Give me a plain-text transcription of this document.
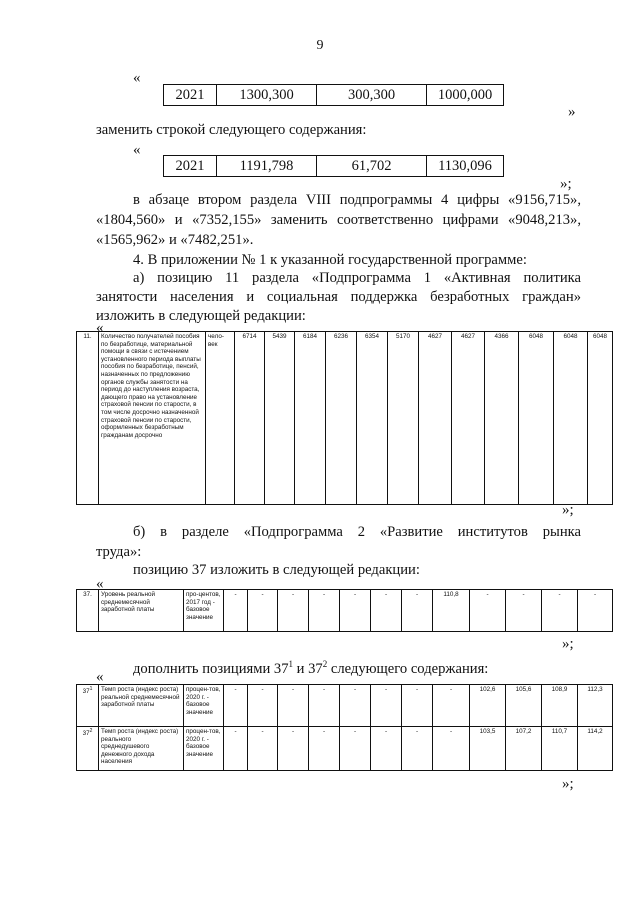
9
«
2021	1300,300	300,300	1000,000
»
заменить строкой следующего содержания:
«
2021	1191,798	61,702	1130,096
»;
в абзаце втором раздела VIII подпрограммы 4 цифры «9156,715»,
«1804,560» и «7352,155» заменить соответственно цифрами «9048,213»,
«1565,962» и «7482,251».
4. В приложении № 1 к указанной государственной программе:
а) позицию 11 раздела «Подпрограмма 1 «Активная политика
занятости населения и социальная поддержка безработных граждан»
изложить в следующей редакции:
«
11.	Количество получателей пособия по безработице, материальной помощи в связи с истечением установленного периода выплаты пособия по безработице, пенсий, назначенных по предложению органов службы занятости на период до наступления возраста, дающего право на установление страховой пенсии по старости, в том числе досрочно назначенной страховой пенсии по старости, оформленных безработным гражданам досрочно	чело-век	6714	5439	6184	6236	6354	5170	4627	4627	4366	6048	6048	6048
»;
б) в разделе «Подпрограмма 2 «Развитие институтов рынка
труда»:
позицию 37 изложить в следующей редакции:
«
37.	Уровень реальной среднемесячной заработной платы	про-центов, 2017 год - базовое значение	-	-	-	-	-	-	-	110,8	-	-	-	-
»;
дополнить позициями $37^1$ и $37^2$ следующего содержания:
«
$37^1$	Темп роста (индекс роста) реальной среднемесячной заработной платы	процен-тов, 2020 г. - базовое значение	-	-	-	-	-	-	-	-	102,6	105,6	108,9	112,3
$37^2$	Темп роста (индекс роста) реального среднедушевого денежного дохода населения	процен-тов, 2020 г. - базовое значение	-	-	-	-	-	-	-	-	103,5	107,2	110,7	114,2
»;
